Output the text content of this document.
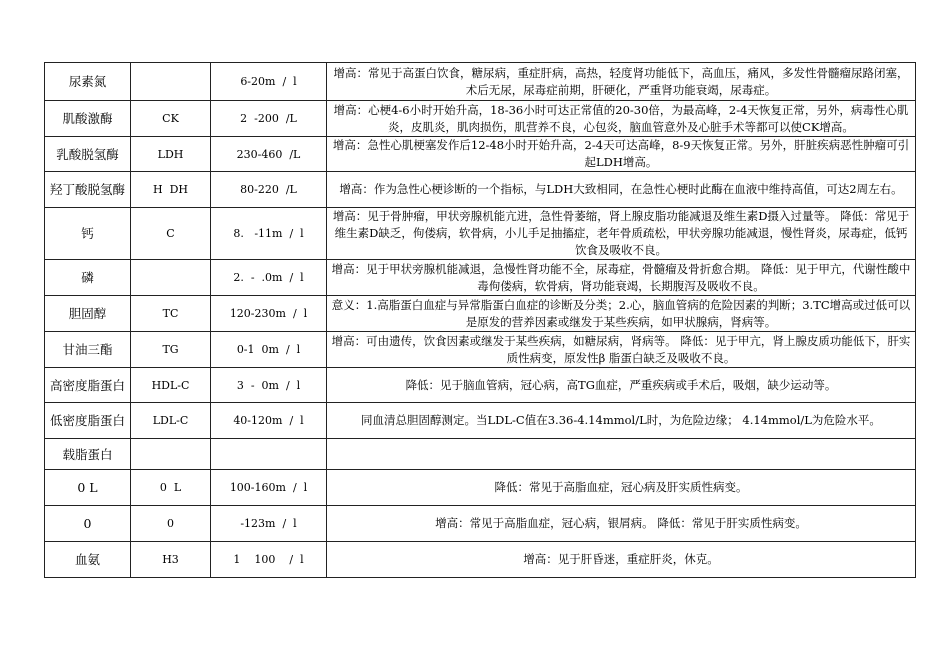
尿素氮		6-20m  /  l	增高：常见于高蛋白饮食，糖尿病，重症肝病，高热，轻度肾功能低下，高血压，痛风，多发性骨髓瘤尿路闭塞，术后无尿，尿毒症前期，肝硬化，严重肾功能衰竭，尿毒症。
肌酸激酶	CK	2  -200  /L	增高：心梗4-6小时开始升高，18-36小时可达正常值的20-30倍，为最高峰，2-4天恢复正常，另外，病毒性心肌炎，皮肌炎，肌肉损伤，肌营养不良，心包炎，脑血管意外及心脏手术等都可以使CK增高。
乳酸脱氢酶	LDH	230-460  /L	增高：急性心肌梗塞发作后12-48小时开始升高，2-4天可达高峰，8-9天恢复正常。另外，肝脏疾病恶性肿瘤可引起LDH增高。
羟丁酸脱氢酶	H  DH	80-220  /L	增高：作为急性心梗诊断的一个指标，与LDH大致相同，在急性心梗时此酶在血液中维持高值，可达2周左右。
钙	C	8.   -11m  /  l	增高：见于骨肿瘤，甲状旁腺机能亢进，急性骨萎缩，肾上腺皮脂功能减退及维生素D摄入过量等。 降低：常见于维生素D缺乏，佝偻病，软骨病，小儿手足抽搐症，老年骨质疏松，甲状旁腺功能减退，慢性肾炎，尿毒症，低钙饮食及吸收不良。
磷		2.  -  .0m  /  l	增高：见于甲状旁腺机能减退，急慢性肾功能不全，尿毒症，骨髓瘤及骨折愈合期。 降低：见于甲亢，代谢性酸中毒佝偻病，软骨病，肾功能衰竭，长期腹泻及吸收不良。
胆固醇	TC	120-230m  /  l	意义：1.高脂蛋白血症与异常脂蛋白血症的诊断及分类；2.心，脑血管病的危险因素的判断；3.TC增高或过低可以是原发的营养因素或继发于某些疾病，如甲状腺病，肾病等。
甘油三酯	TG	0-1  0m  /  l	增高：可由遗传，饮食因素或继发于某些疾病，如糖尿病，肾病等。 降低：见于甲亢，肾上腺皮质功能低下，肝实质性病变，原发性β 脂蛋白缺乏及吸收不良。
高密度脂蛋白	HDL-C	3  -  0m  /  l	降低：见于脑血管病，冠心病，高TG血症，严重疾病或手术后，吸烟，缺少运动等。
低密度脂蛋白	LDL-C	40-120m  /  l	同血清总胆固醇测定。当LDL-C值在3.36-4.14mmol/L时，为危险边缘； 4.14mmol/L为危险水平。
载脂蛋白			
0 L	0  L	100-160m  /  l	降低：常见于高脂血症，冠心病及肝实质性病变。
0	0	-123m  /  l	增高：常见于高脂血症，冠心病，银屑病。 降低：常见于肝实质性病变。
血氨	H3	1    100    /  l	增高：见于肝昏迷，重症肝炎，休克。
